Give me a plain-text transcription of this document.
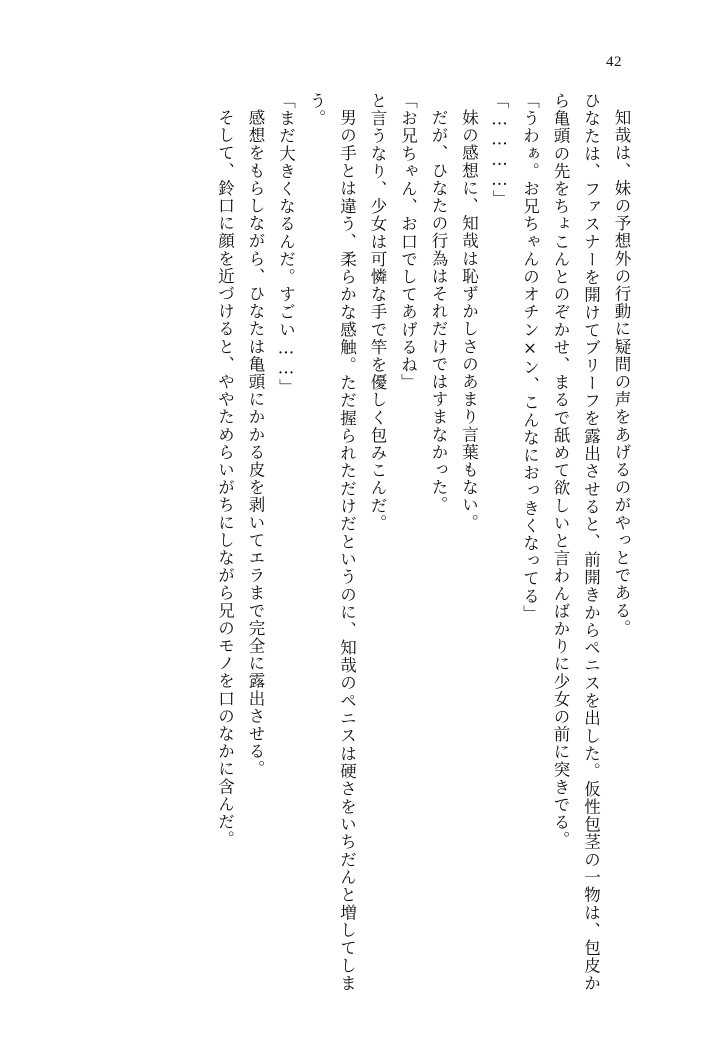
42

知哉は、妹の予想外の行動に疑問の声をあげるのがやっとである。

ひなたは、ファスナーを開けてブリーフを露出させると、前開きからペニスを出した。仮性包茎の一物は、包皮から亀頭の先をちょこんとのぞかせ、まるで舐めて欲しいと言わんばかりに少女の前に突きでる。

「うわぁ。お兄ちゃんのオチン×ン、こんなにおっきくなってる」

「…………」

妹の感想に、知哉は恥ずかしさのあまり言葉もない。

だが、ひなたの行為はそれだけではすまなかった。

「お兄ちゃん、お口でしてあげるね」

と言うなり、少女は可憐な手で竿を優しく包みこんだ。

男の手とは違う、柔らかな感触。ただ握られただけだというのに、知哉のペニスは硬さをいちだんと増してしまう。

「まだ大きくなるんだ。すごい……」

感想をもらしながら、ひなたは亀頭にかかる皮を剥いてエラまで完全に露出させる。

そして、鈴口に顔を近づけると、ややためらいがちにしながら兄のモノを口のなかに含んだ。
